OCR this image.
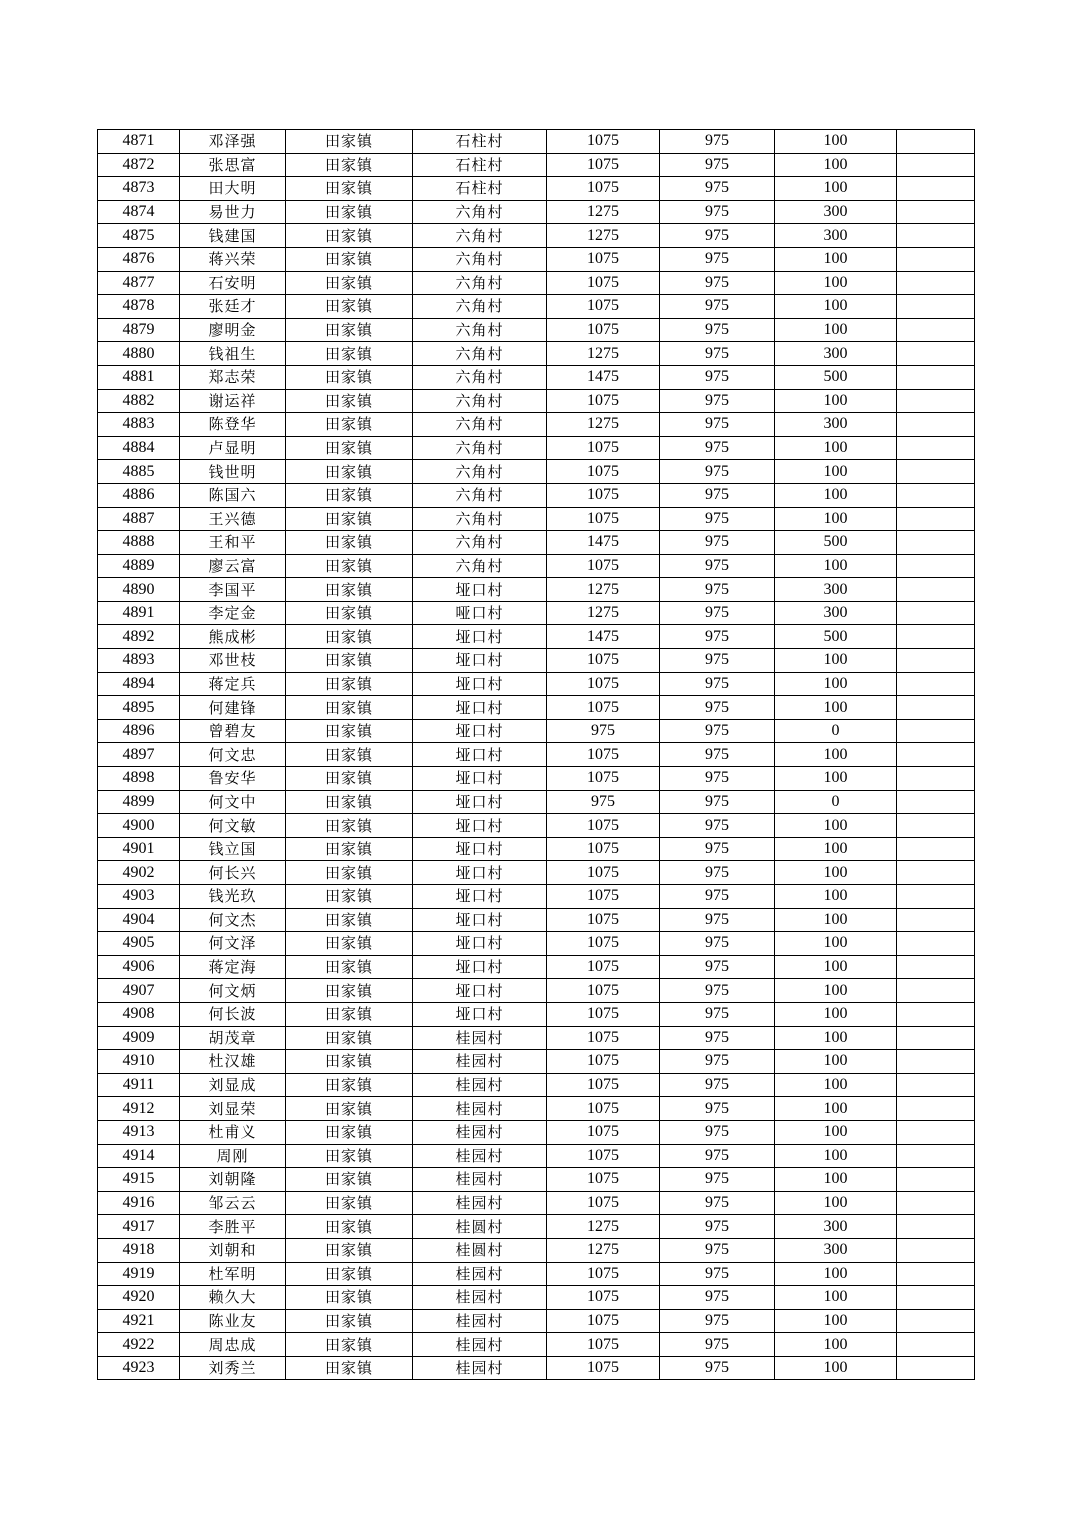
4871	邓泽强	田家镇	石柱村	1075	975	100	
4872	张思富	田家镇	石柱村	1075	975	100	
4873	田大明	田家镇	石柱村	1075	975	100	
4874	易世力	田家镇	六角村	1275	975	300	
4875	钱建国	田家镇	六角村	1275	975	300	
4876	蒋兴荣	田家镇	六角村	1075	975	100	
4877	石安明	田家镇	六角村	1075	975	100	
4878	张廷才	田家镇	六角村	1075	975	100	
4879	廖明金	田家镇	六角村	1075	975	100	
4880	钱祖生	田家镇	六角村	1275	975	300	
4881	郑志荣	田家镇	六角村	1475	975	500	
4882	谢运祥	田家镇	六角村	1075	975	100	
4883	陈登华	田家镇	六角村	1275	975	300	
4884	卢显明	田家镇	六角村	1075	975	100	
4885	钱世明	田家镇	六角村	1075	975	100	
4886	陈国六	田家镇	六角村	1075	975	100	
4887	王兴德	田家镇	六角村	1075	975	100	
4888	王和平	田家镇	六角村	1475	975	500	
4889	廖云富	田家镇	六角村	1075	975	100	
4890	李国平	田家镇	垭口村	1275	975	300	
4891	李定金	田家镇	哑口村	1275	975	300	
4892	熊成彬	田家镇	垭口村	1475	975	500	
4893	邓世枝	田家镇	垭口村	1075	975	100	
4894	蒋定兵	田家镇	垭口村	1075	975	100	
4895	何建锋	田家镇	垭口村	1075	975	100	
4896	曾碧友	田家镇	垭口村	975	975	0	
4897	何文忠	田家镇	垭口村	1075	975	100	
4898	鲁安华	田家镇	垭口村	1075	975	100	
4899	何文中	田家镇	垭口村	975	975	0	
4900	何文敏	田家镇	垭口村	1075	975	100	
4901	钱立国	田家镇	垭口村	1075	975	100	
4902	何长兴	田家镇	垭口村	1075	975	100	
4903	钱光玖	田家镇	垭口村	1075	975	100	
4904	何文杰	田家镇	垭口村	1075	975	100	
4905	何文泽	田家镇	垭口村	1075	975	100	
4906	蒋定海	田家镇	垭口村	1075	975	100	
4907	何文炳	田家镇	垭口村	1075	975	100	
4908	何长波	田家镇	垭口村	1075	975	100	
4909	胡茂章	田家镇	桂园村	1075	975	100	
4910	杜汉雄	田家镇	桂园村	1075	975	100	
4911	刘显成	田家镇	桂园村	1075	975	100	
4912	刘显荣	田家镇	桂园村	1075	975	100	
4913	杜甫义	田家镇	桂园村	1075	975	100	
4914	周刚	田家镇	桂园村	1075	975	100	
4915	刘朝隆	田家镇	桂园村	1075	975	100	
4916	邹云云	田家镇	桂园村	1075	975	100	
4917	李胜平	田家镇	桂圆村	1275	975	300	
4918	刘朝和	田家镇	桂圆村	1275	975	300	
4919	杜军明	田家镇	桂园村	1075	975	100	
4920	赖久大	田家镇	桂园村	1075	975	100	
4921	陈业友	田家镇	桂园村	1075	975	100	
4922	周忠成	田家镇	桂园村	1075	975	100	
4923	刘秀兰	田家镇	桂园村	1075	975	100	
